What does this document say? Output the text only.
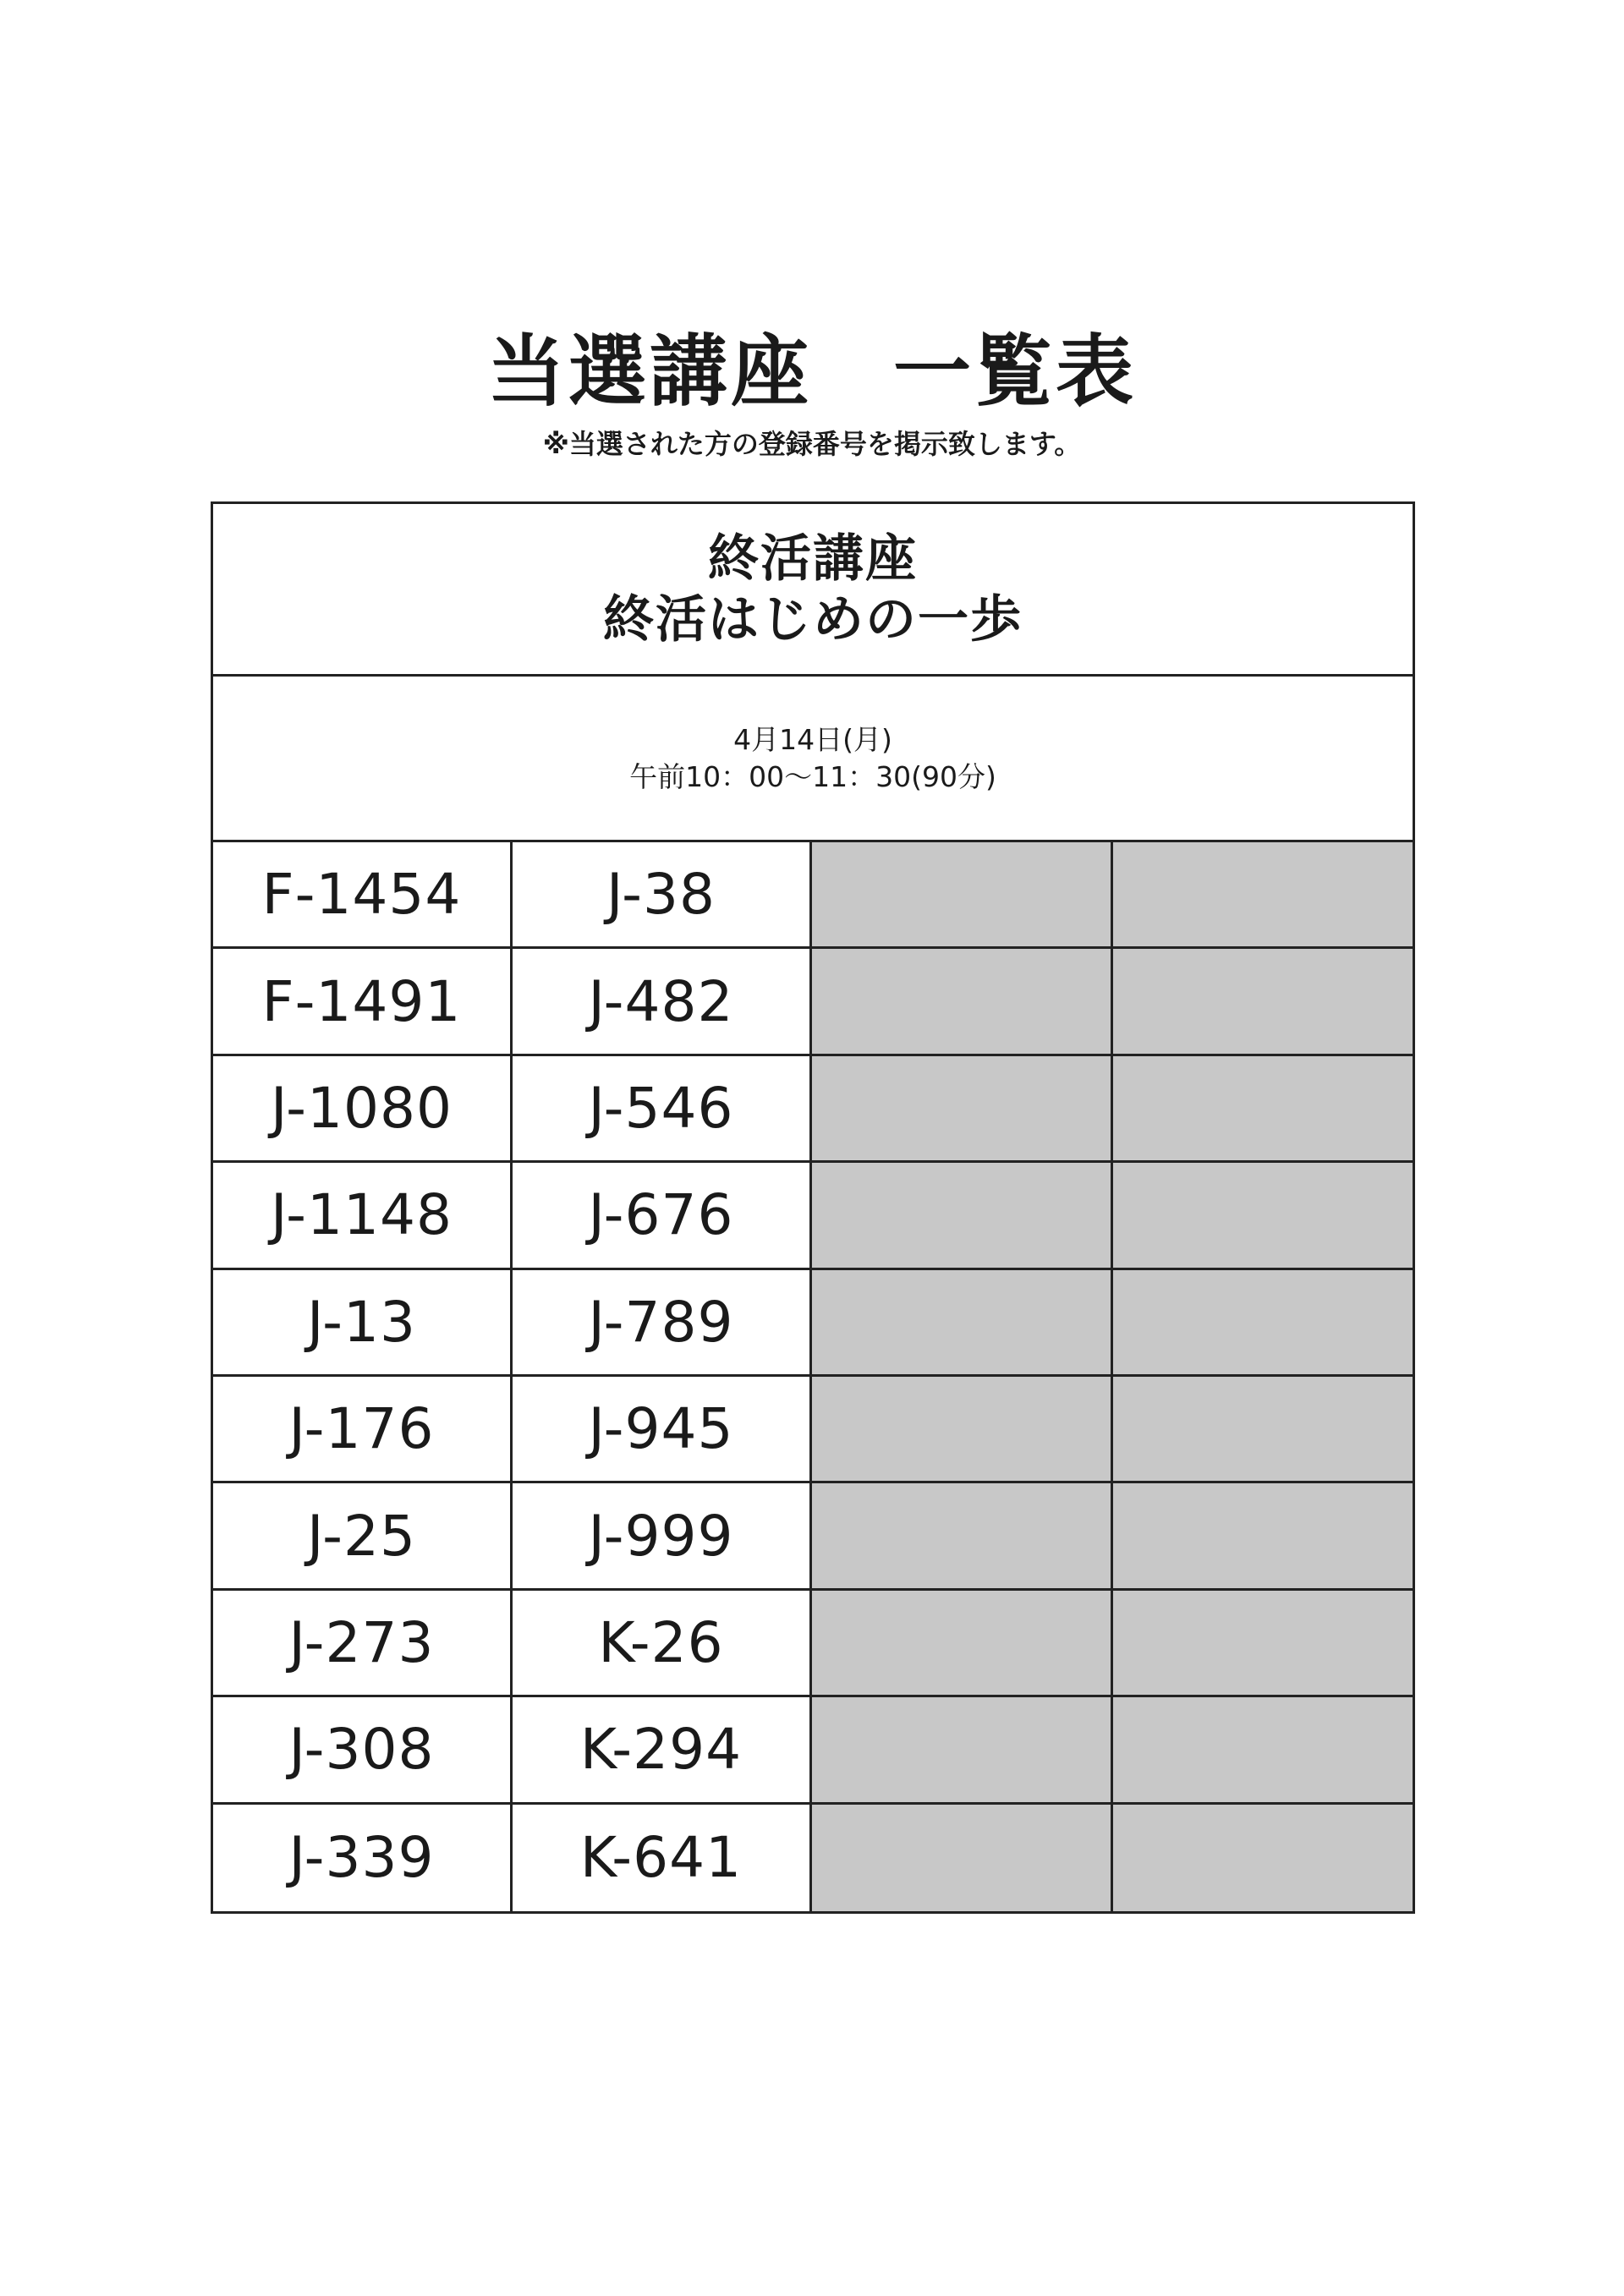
当選講座　一覧表
※当選された方の登録番号を掲示致します。
終活講座
終活はじめの一歩
4月14日(月)
午前10：00～11：30(90分)
F-1454	J-38
F-1491	J-482
J-1080	J-546
J-1148	J-676
J-13	J-789
J-176	J-945
J-25	J-999
J-273	K-26
J-308	K-294
J-339	K-641
